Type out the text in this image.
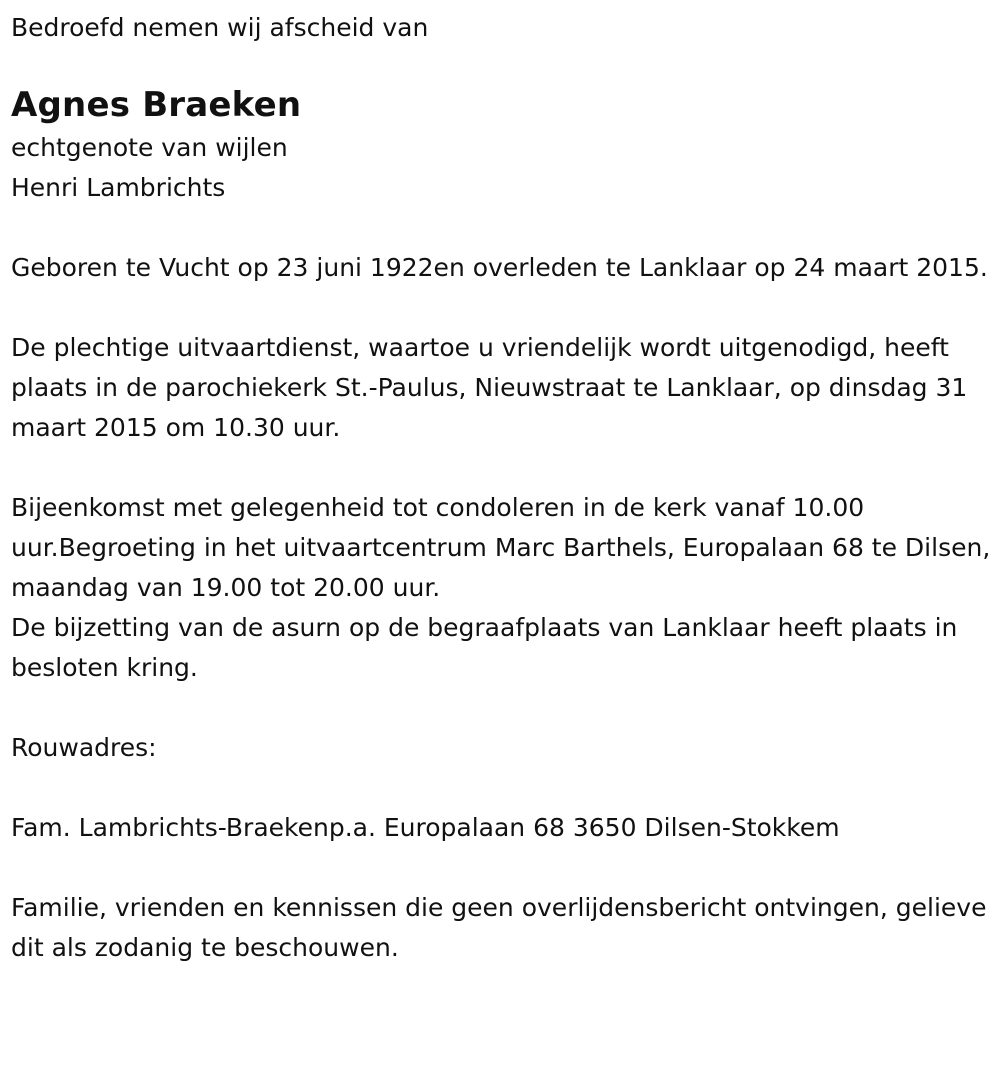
Bedroefd nemen wij afscheid van

Agnes Braeken

echtgenote van wijlen

Henri Lambrichts

Geboren te Vucht op 23 juni 1922en overleden te Lanklaar op 24 maart 2015.

De plechtige uitvaartdienst, waartoe u vriendelijk wordt uitgenodigd, heeft plaats in de parochiekerk St.-Paulus, Nieuwstraat te Lanklaar, op dinsdag 31 maart 2015 om 10.30 uur.

Bijeenkomst met gelegenheid tot condoleren in de kerk vanaf 10.00 uur.Begroeting in het uitvaartcentrum Marc Barthels, Europalaan 68 te Dilsen,

maandag van 19.00 tot 20.00 uur.

De bijzetting van de asurn op de begraafplaats van Lanklaar heeft plaats in besloten kring.

Rouwadres:

Fam. Lambrichts-Braekenp.a. Europalaan 68 3650 Dilsen-Stokkem

Familie, vrienden en kennissen die geen overlijdensbericht ontvingen, gelieve dit als zodanig te beschouwen.
